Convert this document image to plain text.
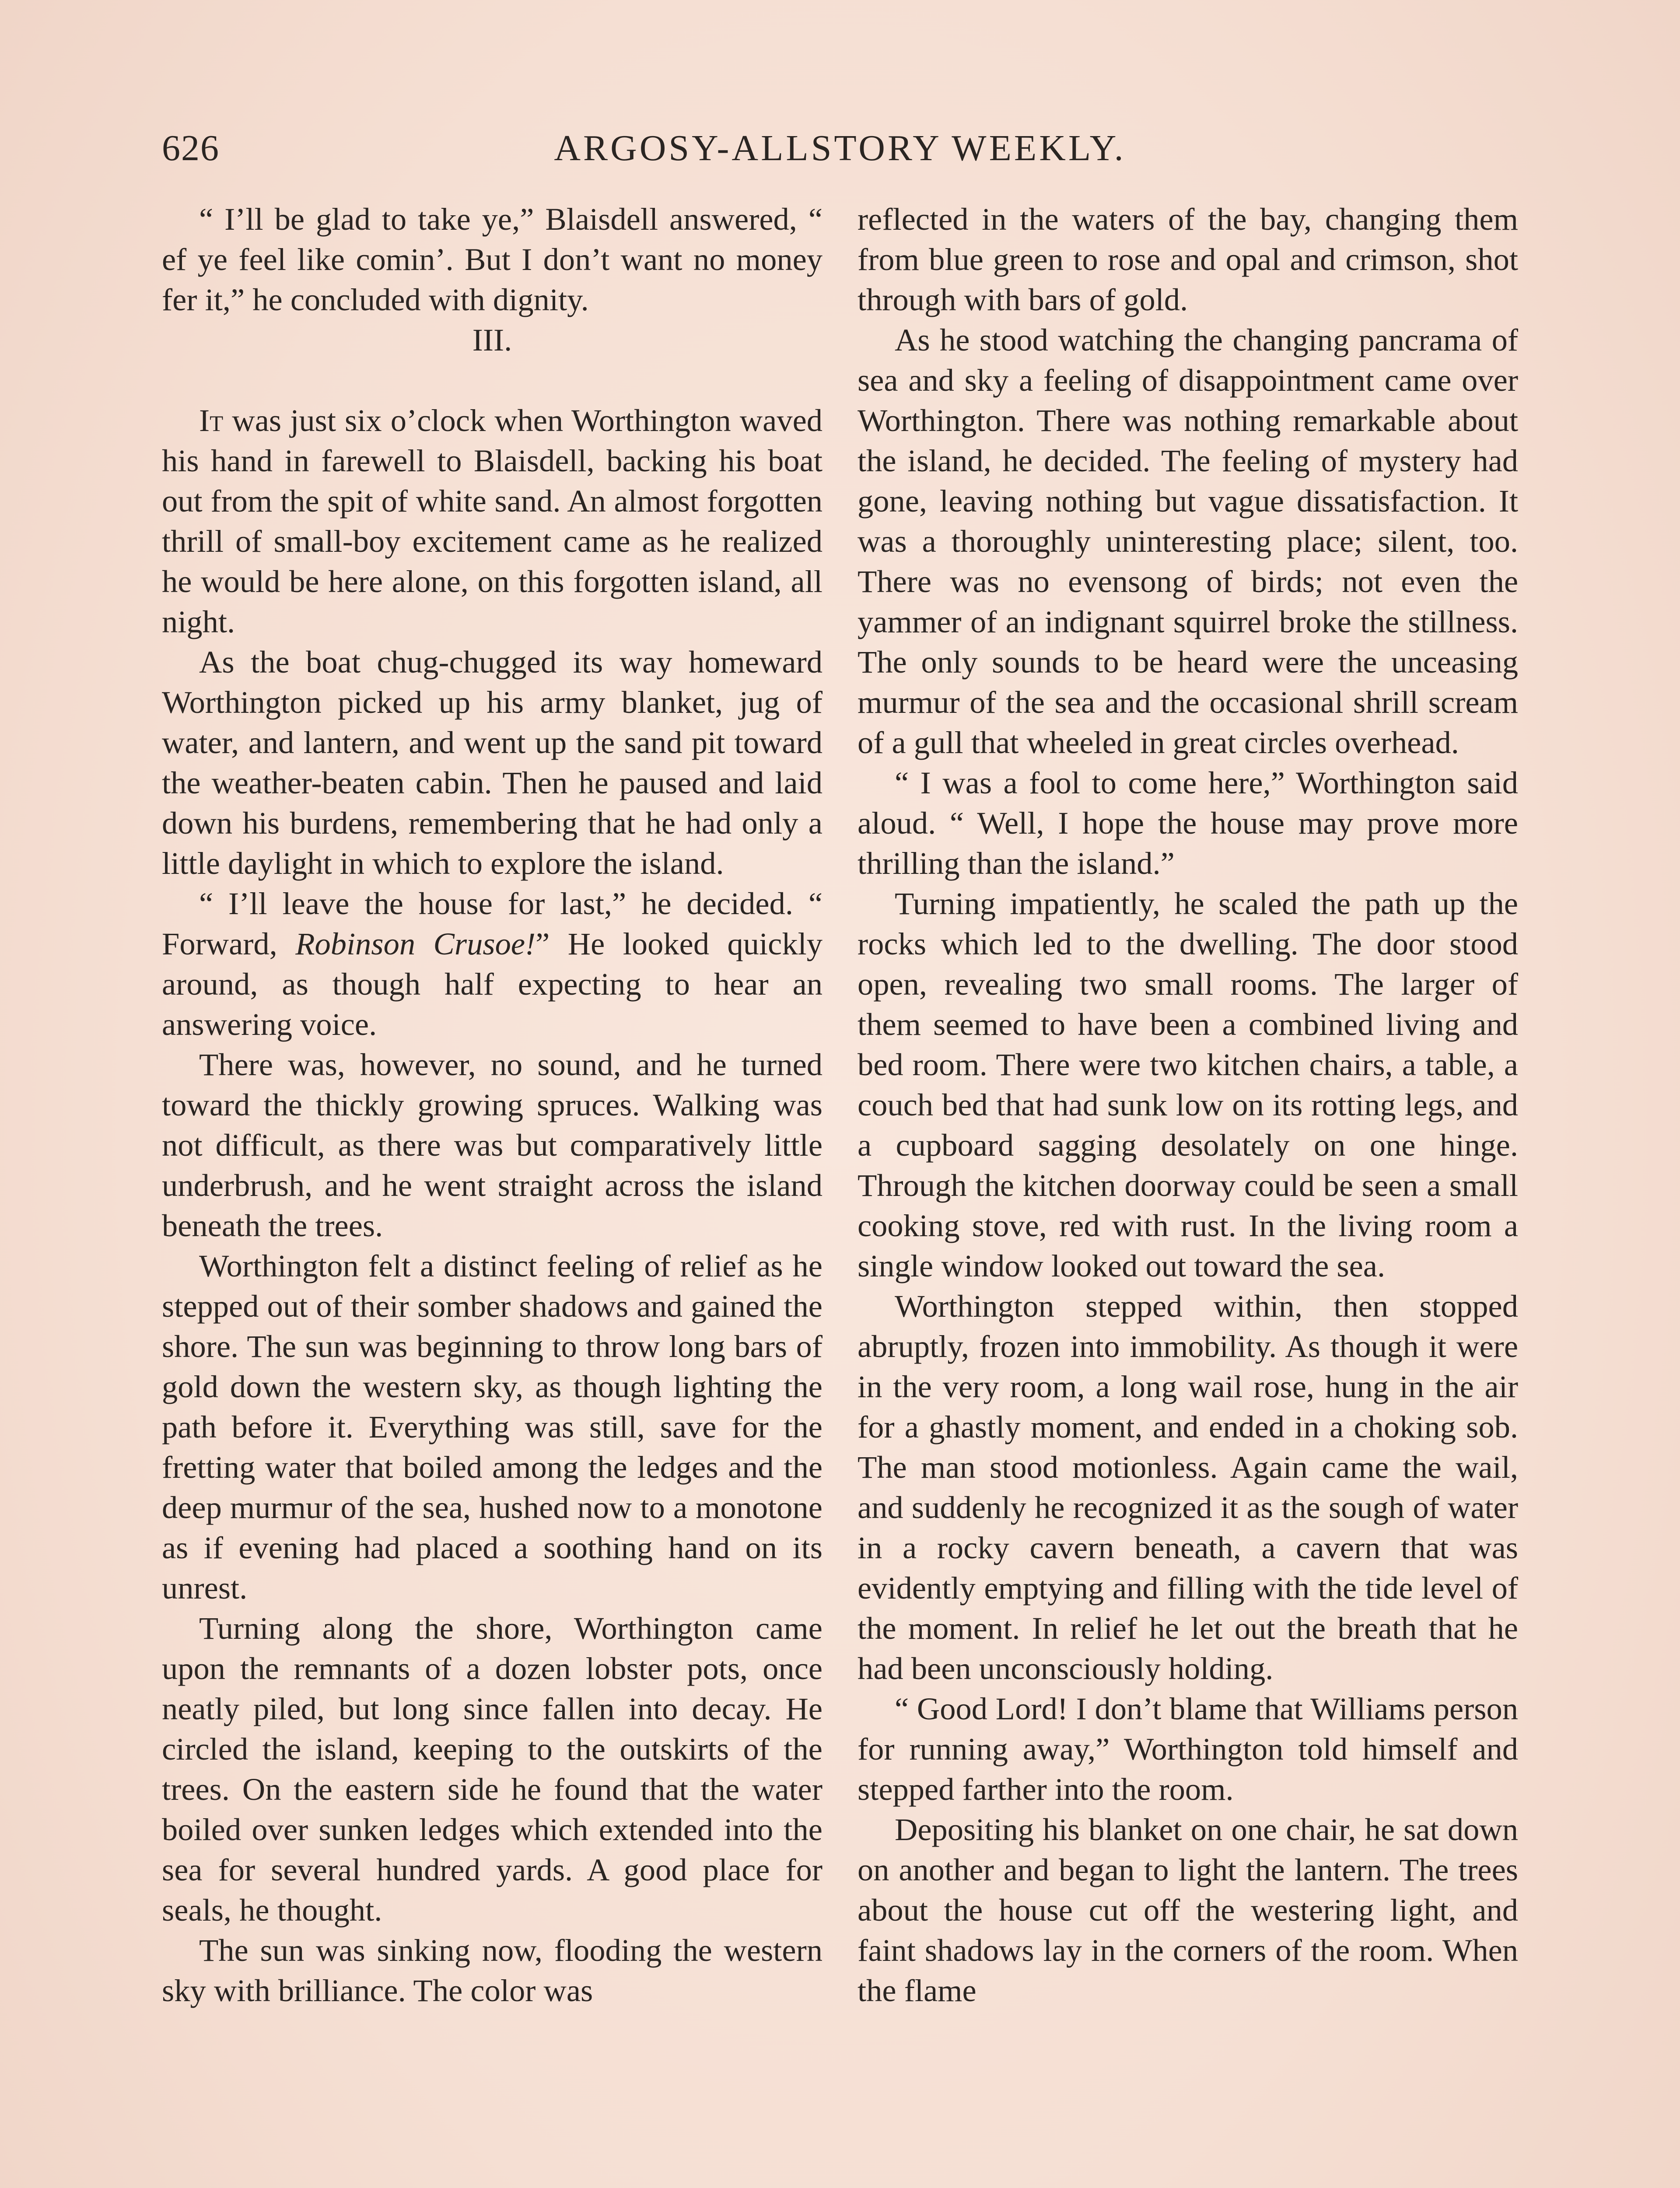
626	ARGOSY-ALLSTORY WEEKLY.

“ I’ll be glad to take ye,” Blaisdell answered, “ ef ye feel like comin’. But I don’t want no money fer it,” he concluded with dignity.

III.

It was just six o’clock when Worthington waved his hand in farewell to Blaisdell, backing his boat out from the spit of white sand. An almost forgotten thrill of small-boy excitement came as he realized he would be here alone, on this forgotten island, all night.

As the boat chug-chugged its way homeward Worthington picked up his army blanket, jug of water, and lantern, and went up the sand pit toward the weather-beaten cabin. Then he paused and laid down his burdens, remembering that he had only a little daylight in which to explore the island.

“ I’ll leave the house for last,” he decided. “ Forward, Robinson Crusoe!” He looked quickly around, as though half expecting to hear an answering voice.

There was, however, no sound, and he turned toward the thickly growing spruces. Walking was not difficult, as there was but comparatively little underbrush, and he went straight across the island beneath the trees.

Worthington felt a distinct feeling of relief as he stepped out of their somber shadows and gained the shore. The sun was beginning to throw long bars of gold down the western sky, as though lighting the path before it. Everything was still, save for the fretting water that boiled among the ledges and the deep murmur of the sea, hushed now to a monotone as if evening had placed a soothing hand on its unrest.

Turning along the shore, Worthington came upon the remnants of a dozen lobster pots, once neatly piled, but long since fallen into decay. He circled the island, keeping to the outskirts of the trees. On the eastern side he found that the water boiled over sunken ledges which extended into the sea for several hundred yards. A good place for seals, he thought.

The sun was sinking now, flooding the western sky with brilliance. The color was

reflected in the waters of the bay, changing them from blue green to rose and opal and crimson, shot through with bars of gold.

As he stood watching the changing pancrama of sea and sky a feeling of disappointment came over Worthington. There was nothing remarkable about the island, he decided. The feeling of mystery had gone, leaving nothing but vague dissatisfaction. It was a thoroughly uninteresting place; silent, too. There was no evensong of birds; not even the yammer of an indignant squirrel broke the stillness. The only sounds to be heard were the unceasing murmur of the sea and the occasional shrill scream of a gull that wheeled in great circles overhead.

“ I was a fool to come here,” Worthington said aloud. “ Well, I hope the house may prove more thrilling than the island.”

Turning impatiently, he scaled the path up the rocks which led to the dwelling. The door stood open, revealing two small rooms. The larger of them seemed to have been a combined living and bed room. There were two kitchen chairs, a table, a couch bed that had sunk low on its rotting legs, and a cupboard sagging desolately on one hinge. Through the kitchen doorway could be seen a small cooking stove, red with rust. In the living room a single window looked out toward the sea.

Worthington stepped within, then stopped abruptly, frozen into immobility. As though it were in the very room, a long wail rose, hung in the air for a ghastly moment, and ended in a choking sob. The man stood motionless. Again came the wail, and suddenly he recognized it as the sough of water in a rocky cavern beneath, a cavern that was evidently emptying and filling with the tide level of the moment. In relief he let out the breath that he had been unconsciously holding.

“ Good Lord! I don’t blame that Williams person for running away,” Worthington told himself and stepped farther into the room.

Depositing his blanket on one chair, he sat down on another and began to light the lantern. The trees about the house cut off the westering light, and faint shadows lay in the corners of the room. When the flame
